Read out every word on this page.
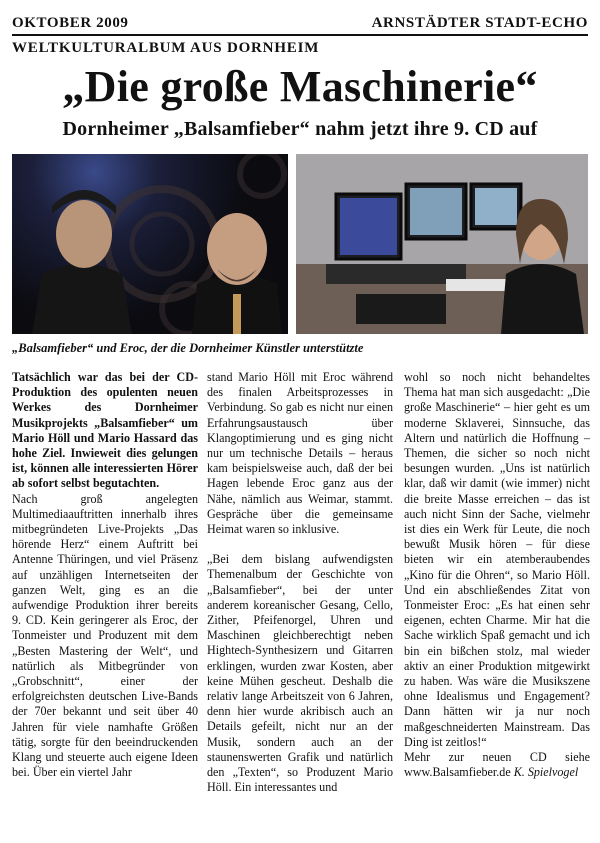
OKTOBER 2009	ARNSTÄDTER STADT-ECHO
WELTKULTURALBUM AUS DORNHEIM
„Die große Maschinerie“
Dornheimer „Balsamfieber“ nahm jetzt ihre 9. CD auf
„Balsamfieber“ und Eroc, der die Dornheimer Künstler unterstützte

Tatsächlich war das bei der CD-Produktion des opulenten neuen Werkes des Dornheimer Musikprojekts „Balsamfieber“ um Mario Höll und Mario Hassard das hohe Ziel. Inwieweit dies gelungen ist, können alle interessierten Hörer ab sofort selbst begutachten.

Nach groß angelegten Multimediaauftritten innerhalb ihres mitbegründeten Live-Projekts „Das hörende Herz“ einem Auftritt bei Antenne Thüringen, und viel Präsenz auf unzähligen Internetseiten der ganzen Welt, ging es an die aufwendige Produktion ihrer bereits 9. CD. Kein geringerer als Eroc, der Tonmeister und Produzent mit dem „Besten Mastering der Welt“, und natürlich als Mitbegründer von „Grobschnitt“, einer der erfolgreichsten deutschen Live-Bands der 70er bekannt und seit über 40 Jahren für viele namhafte Größen tätig, sorgte für den beeindruckenden Klang und steuerte auch eigene Ideen bei. Über ein viertel Jahr

stand Mario Höll mit Eroc während des finalen Arbeitsprozesses in Verbindung. So gab es nicht nur einen Erfahrungsaustausch über Klangoptimierung und es ging nicht nur um technische Details – heraus kam beispielsweise auch, daß der bei Hagen lebende Eroc ganz aus der Nähe, nämlich aus Weimar, stammt. Gespräche über die gemeinsame Heimat waren so inklusive.

„Bei dem bislang aufwendigsten Themenalbum der Geschichte von „Balsamfieber“, bei der unter anderem koreanischer Gesang, Cello, Zither, Pfeifenorgel, Uhren und Maschinen gleichberechtigt neben Hightech-Synthesizern und Gitarren erklingen, wurden zwar Kosten, aber keine Mühen gescheut. Deshalb die relativ lange Arbeitszeit von 6 Jahren, denn hier wurde akribisch auch an Details gefeilt, nicht nur an der Musik, sondern auch an der staunenswerten Grafik und natürlich den „Texten“, so Produzent Mario Höll. Ein interessantes und

wohl so noch nicht behandeltes Thema hat man sich ausgedacht: „Die große Maschinerie“ – hier geht es um moderne Sklaverei, Sinnsuche, das Altern und natürlich die Hoffnung – Themen, die sicher so noch nicht besungen wurden. „Uns ist natürlich klar, daß wir damit (wie immer) nicht die breite Masse erreichen – das ist auch nicht Sinn der Sache, vielmehr ist dies ein Werk für Leute, die noch bewußt Musik hören – für diese bieten wir ein atemberaubendes „Kino für die Ohren“, so Mario Höll. Und ein abschließendes Zitat von Tonmeister Eroc: „Es hat einen sehr eigenen, echten Charme. Mir hat die Sache wirklich Spaß gemacht und ich bin ein bißchen stolz, mal wieder aktiv an einer Produktion mitgewirkt zu haben. Was wäre die Musikszene ohne Idealismus und Engagement? Dann hätten wir ja nur noch maßgeschneiderten Mainstream. Das Ding ist zeitlos!“

Mehr zur neuen CD siehe www.Balsamfieber.de K. Spielvogel
